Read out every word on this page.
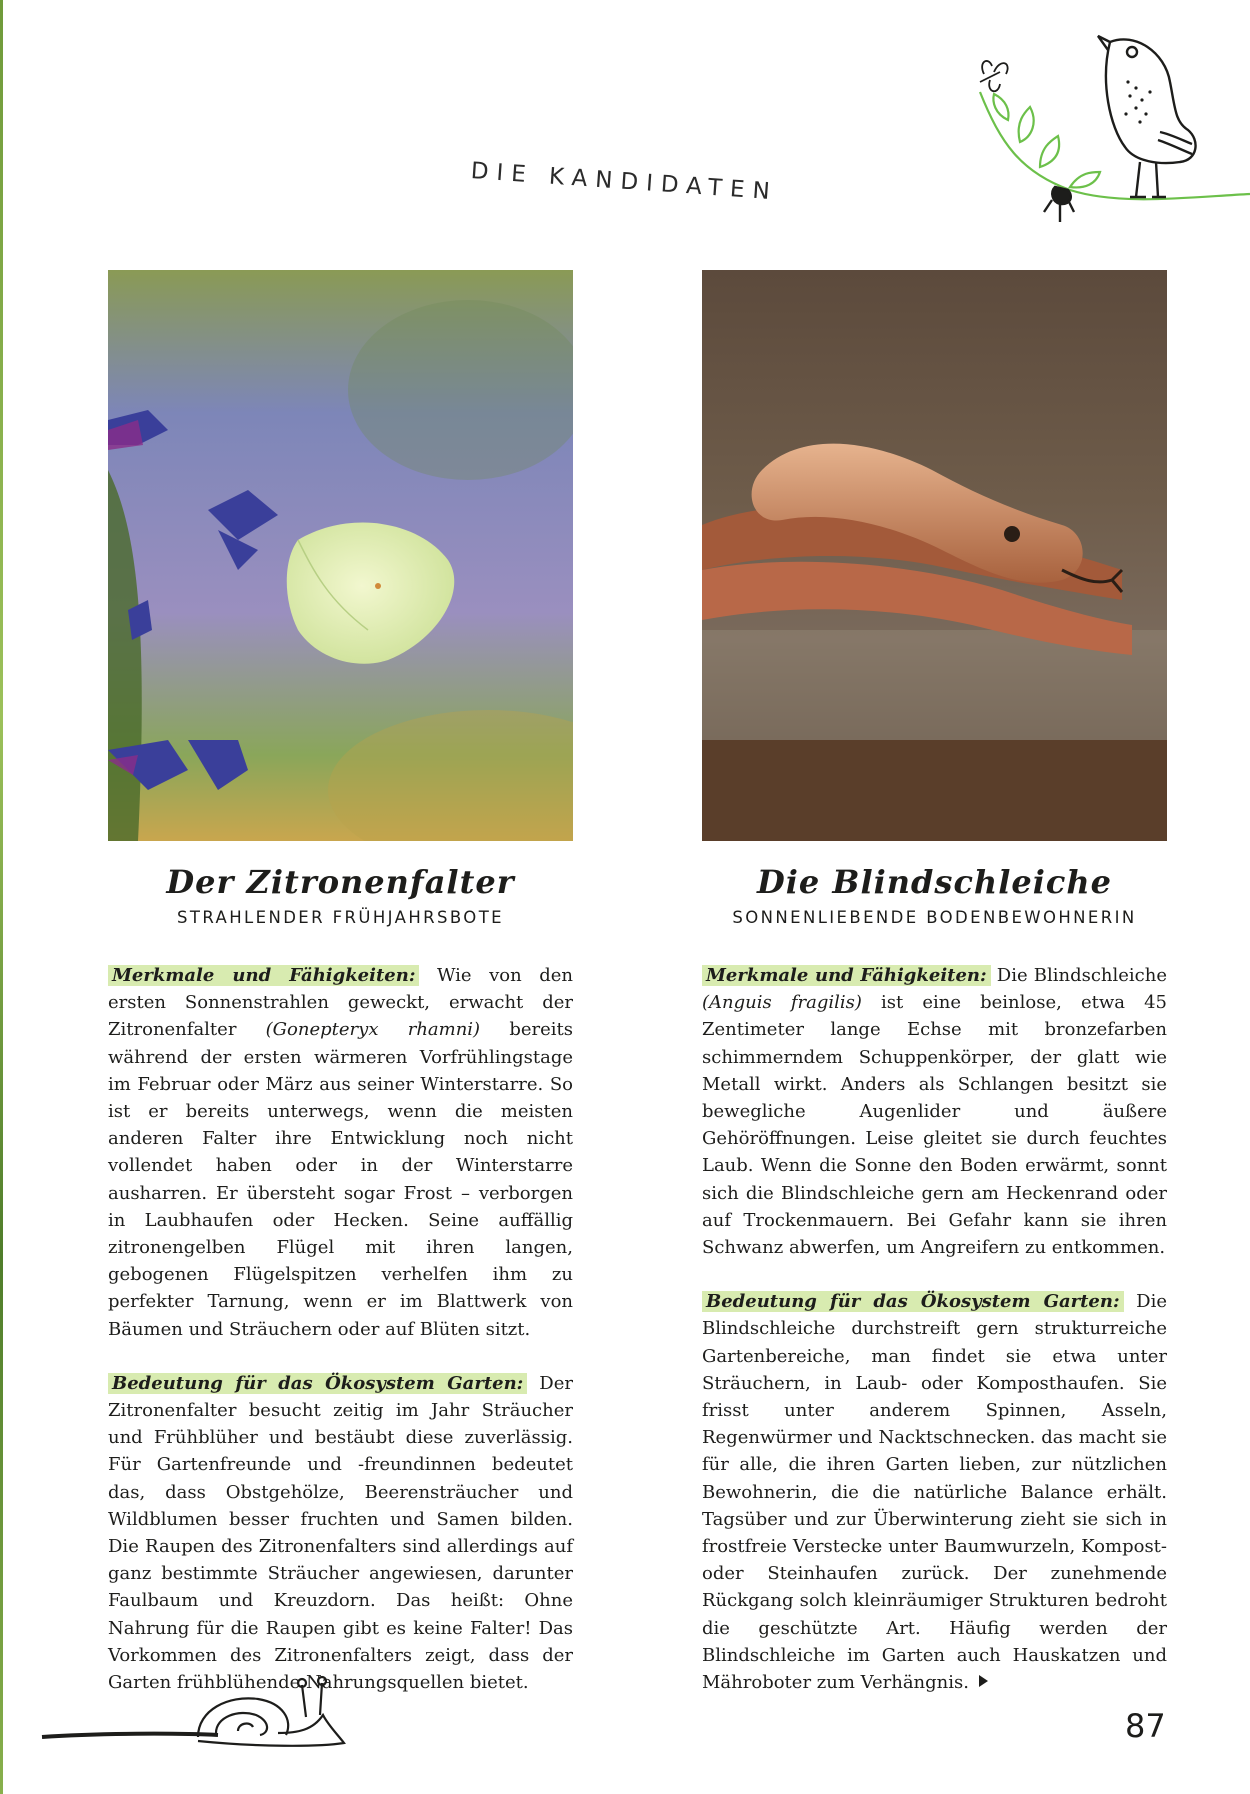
DIE KANDIDATEN
Der Zitronenfalter
STRAHLENDER FRÜHJAHRSBOTE

Merkmale und Fähigkeiten: Wie von den ersten Sonnenstrahlen geweckt, erwacht der Zitronenfalter (Gonepteryx rhamni) bereits während der ersten wärmeren Vorfrühlingstage im Februar oder März aus seiner Winterstarre. So ist er bereits unterwegs, wenn die meisten anderen Falter ihre Entwicklung noch nicht vollendet haben oder in der Winterstarre ausharren. Er übersteht sogar Frost – verborgen in Laubhaufen oder Hecken. Seine auffällig zitronengelben Flügel mit ihren langen, gebogenen Flügelspitzen verhelfen ihm zu perfekter Tarnung, wenn er im Blattwerk von Bäumen und Sträuchern oder auf Blüten sitzt.

Bedeutung für das Ökosystem Garten: Der Zitronenfalter besucht zeitig im Jahr Sträucher und Frühblüher und bestäubt diese zuverlässig. Für Gartenfreunde und -freundinnen bedeutet das, dass Obstgehölze, Beerensträucher und Wildblumen besser fruchten und Samen bilden. Die Raupen des Zitronenfalters sind allerdings auf ganz bestimmte Sträucher angewiesen, darunter Faulbaum und Kreuzdorn. Das heißt: Ohne Nahrung für die Raupen gibt es keine Falter! Das Vorkommen des Zitronenfalters zeigt, dass der Garten frühblühende Nahrungsquellen bietet.

Die Blindschleiche
SONNENLIEBENDE BODENBEWOHNERIN

Merkmale und Fähigkeiten: Die Blindschleiche (Anguis fragilis) ist eine beinlose, etwa 45 Zentimeter lange Echse mit bronzefarben schimmerndem Schuppenkörper, der glatt wie Metall wirkt. Anders als Schlangen besitzt sie bewegliche Augenlider und äußere Gehöröffnungen. Leise gleitet sie durch feuchtes Laub. Wenn die Sonne den Boden erwärmt, sonnt sich die Blindschleiche gern am Heckenrand oder auf Trockenmauern. Bei Gefahr kann sie ihren Schwanz abwerfen, um Angreifern zu entkommen.

Bedeutung für das Ökosystem Garten: Die Blindschleiche durchstreift gern strukturreiche Gartenbereiche, man findet sie etwa unter Sträuchern, in Laub- oder Komposthaufen. Sie frisst unter anderem Spinnen, Asseln, Regenwürmer und Nacktschnecken. das macht sie für alle, die ihren Garten lieben, zur nützlichen Bewohnerin, die die natürliche Balance erhält. Tagsüber und zur Überwinterung zieht sie sich in frostfreie Verstecke unter Baumwurzeln, Kompost- oder Steinhaufen zurück. Der zunehmende Rückgang solch kleinräumiger Strukturen bedroht die geschützte Art. Häufig werden der Blindschleiche im Garten auch Hauskatzen und Mähroboter zum Verhängnis.

87
